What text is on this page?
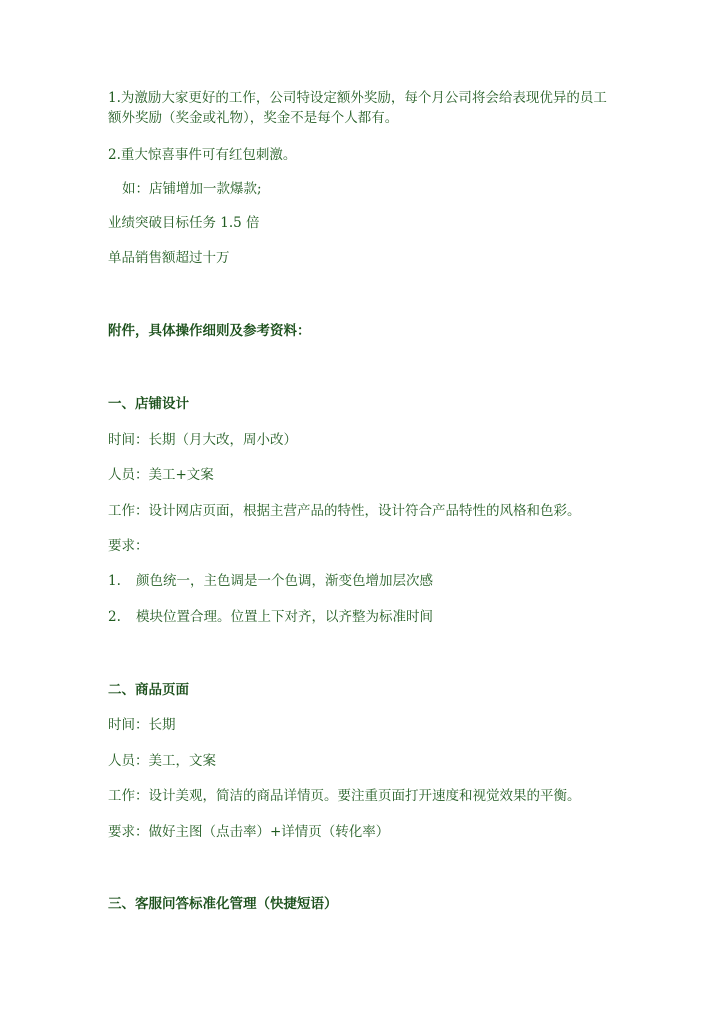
1.为激励大家更好的工作，公司特设定额外奖励，每个月公司将会给表现优异的员工额外奖励（奖金或礼物），奖金不是每个人都有。
2.重大惊喜事件可有红包刺激。
如：店铺增加一款爆款;
业绩突破目标任务 1.5 倍
单品销售额超过十万
附件，具体操作细则及参考资料：
一、店铺设计
时间：长期（月大改，周小改）
人员：美工+文案
工作：设计网店页面，根据主营产品的特性，设计符合产品特性的风格和色彩。
要求：
1. 颜色统一，主色调是一个色调，渐变色增加层次感
2. 模块位置合理。位置上下对齐，以齐整为标准时间
二、商品页面
时间：长期
人员：美工，文案
工作：设计美观，简洁的商品详情页。要注重页面打开速度和视觉效果的平衡。
要求：做好主图（点击率）+详情页（转化率）
三、客服问答标准化管理（快捷短语）
